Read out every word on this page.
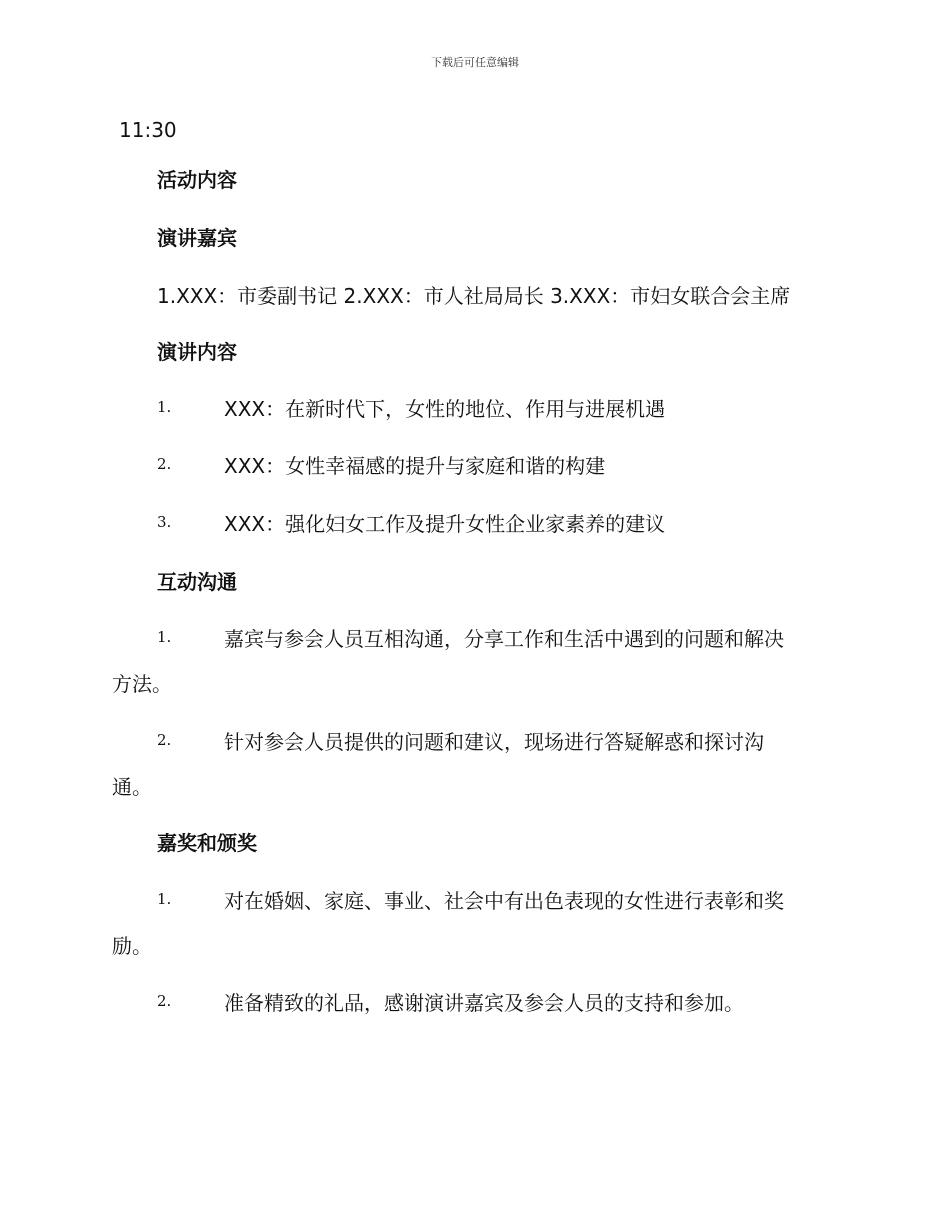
下载后可任意编辑
11:30
活动内容
演讲嘉宾
1.XXX：市委副书记 2.XXX：市人社局局长 3.XXX：市妇女联合会主席
演讲内容
1.	XXX：在新时代下，女性的地位、作用与进展机遇
2.	XXX：女性幸福感的提升与家庭和谐的构建
3.	XXX：强化妇女工作及提升女性企业家素养的建议
互动沟通
1.	嘉宾与参会人员互相沟通，分享工作和生活中遇到的问题和解决
方法。
2.	针对参会人员提供的问题和建议，现场进行答疑解惑和探讨沟
通。
嘉奖和颁奖
1.	对在婚姻、家庭、事业、社会中有出色表现的女性进行表彰和奖
励。
2.	准备精致的礼品，感谢演讲嘉宾及参会人员的支持和参加。
